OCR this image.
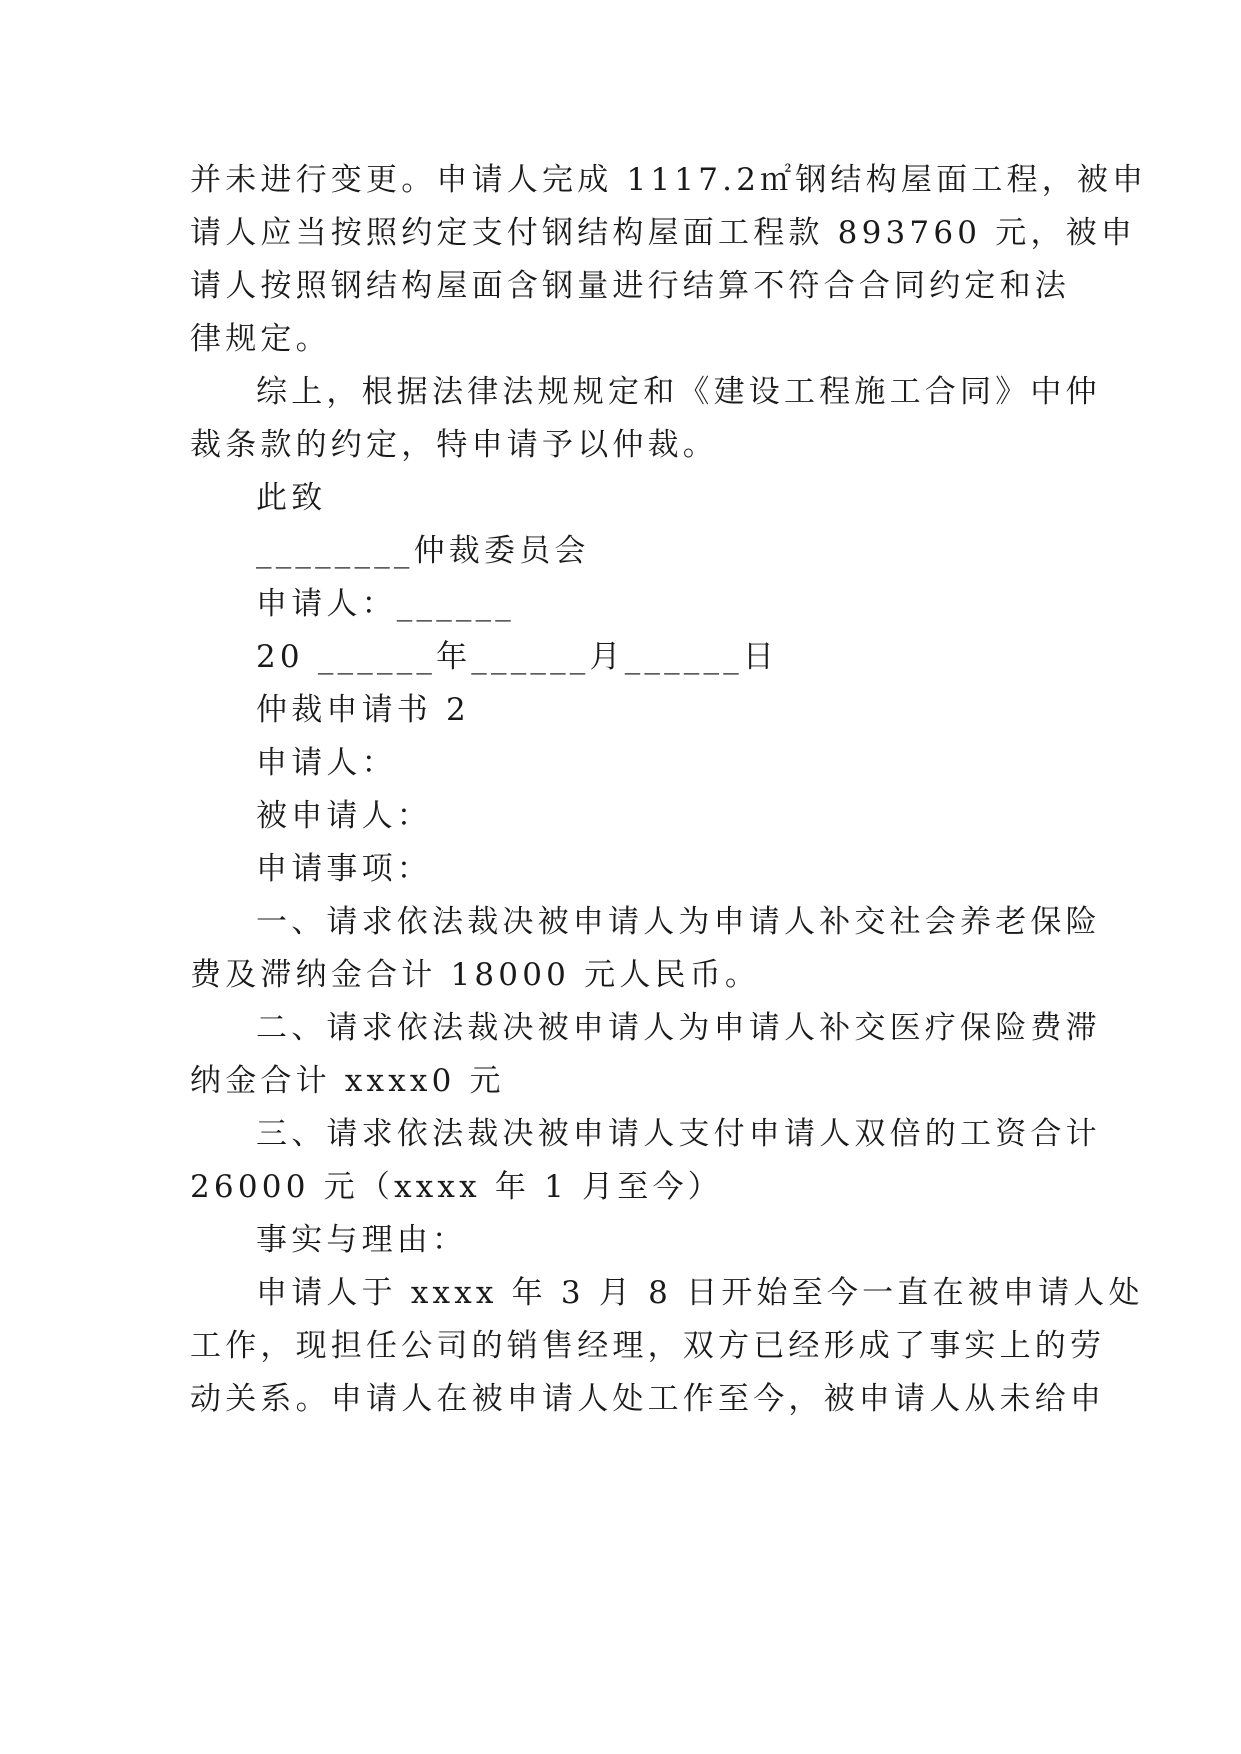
并未进行变更。申请人完成 1117.2㎡钢结构屋面工程，被申
请人应当按照约定支付钢结构屋面工程款 893760 元，被申
请人按照钢结构屋面含钢量进行结算不符合合同约定和法
律规定。
综上，根据法律法规规定和《建设工程施工合同》中仲
裁条款的约定，特申请予以仲裁。
此致
________仲裁委员会
申请人：______
20 ______年______月______日
仲裁申请书 2
申请人：
被申请人：
申请事项：
一、请求依法裁决被申请人为申请人补交社会养老保险
费及滞纳金合计 18000 元人民币。
二、请求依法裁决被申请人为申请人补交医疗保险费滞
纳金合计 xxxx0 元
三、请求依法裁决被申请人支付申请人双倍的工资合计
26000 元（xxxx 年 1 月至今）
事实与理由：
申请人于 xxxx 年 3 月 8 日开始至今一直在被申请人处
工作，现担任公司的销售经理，双方已经形成了事实上的劳
动关系。申请人在被申请人处工作至今，被申请人从未给申
